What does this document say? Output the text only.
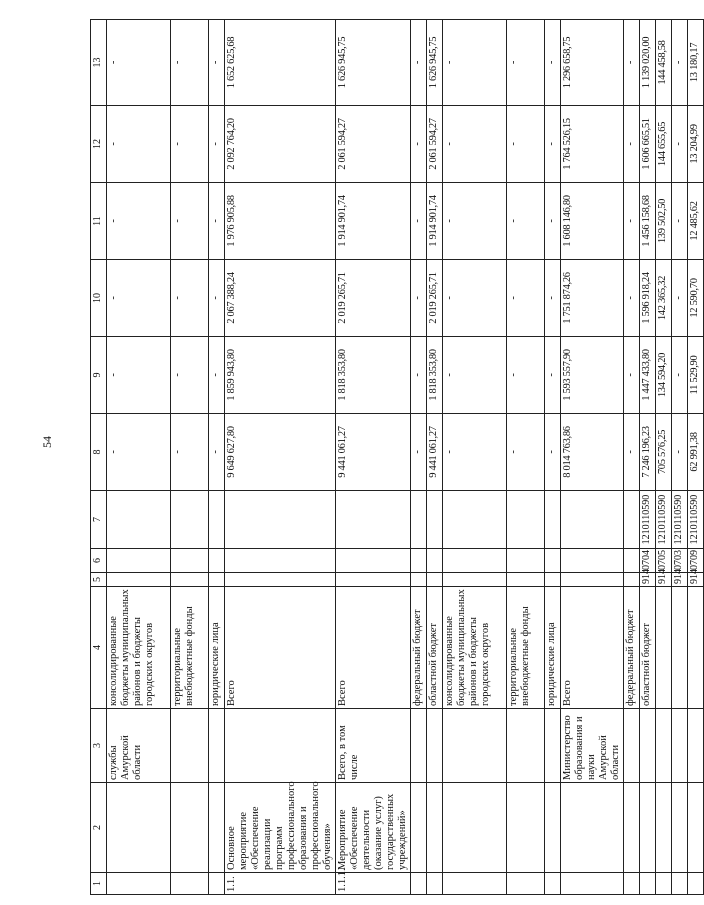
54
1	2	3	4	5	6	7	8	9	10	11	12	13
		службы Амурской области	консолидированные бюджеты муниципальных районов и бюджеты городских округов				-	-	-	-	-	-
			территориальные внебюджетные фонды				-	-	-	-	-	-
			юридические лица				-	-	-	-	-	-
1.1.	Основное мероприятие «Обеспечение реализации программ профессионального образования и профессионального обучения»		Всего				9 649 627,80	1 859 943,80	2 067 388,24	1 976 905,88	2 092 764,20	1 652 625,68
1.1.1.	Мероприятие «Обеспечение деятельности (оказание услуг) государственных учреждений»	Всего, в том числе	Всего				9 441 061,27	1 818 353,80	2 019 265,71	1 914 901,74	2 061 594,27	1 626 945,75
			федеральный бюджет				-	-	-	-	-	-
			областной бюджет				9 441 061,27	1 818 353,80	2 019 265,71	1 914 901,74	2 061 594,27	1 626 945,75
			консолидированные бюджеты муниципальных районов и бюджеты городских округов				-	-	-	-	-	-
			территориальные внебюджетные фонды				-	-	-	-	-	-
			юридические лица				-	-	-	-	-	-
		Министерство образования и науки Амурской области	Всего				8 014 763,86	1 593 557,90	1 751 874,26	1 608 146,80	1 764 526,15	1 296 658,75
			федеральный бюджет				-	-	-	-	-	-
			областной бюджет	914	0704	1210110590	7 246 196,23	1 447 433,80	1 596 918,24	1 456 158,68	1 606 665,51	1 139 020,00
				914	0705	1210110590	705 576,25	134 594,20	142 365,32	139 502,50	144 655,65	144 458,58
				914	0703	1210110590	-	-	-	-	-	-
				914	0709	1210110590	62 991,38	11 529,90	12 590,70	12 485,62	13 204,99	13 180,17
